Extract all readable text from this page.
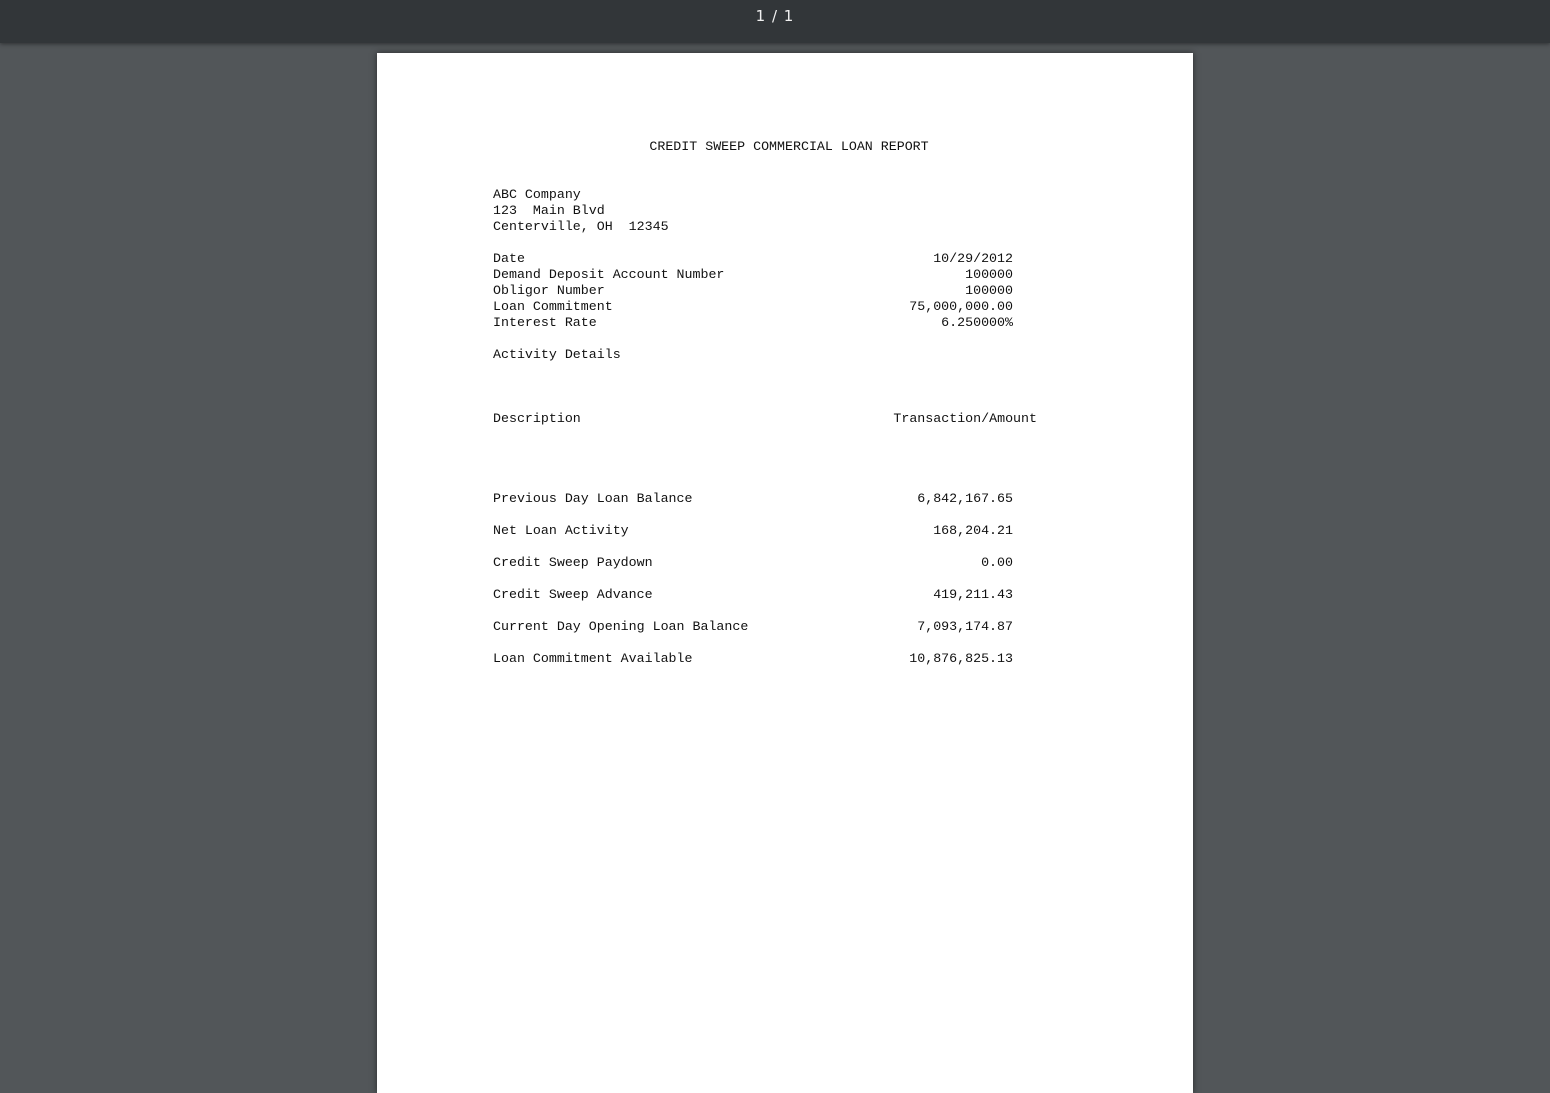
1 / 1
CREDIT SWEEP COMMERCIAL LOAN REPORT
ABC Company
123  Main Blvd
Centerville, OH  12345
Date	10/29/2012
Demand Deposit Account Number	100000
Obligor Number	100000
Loan Commitment	75,000,000.00
Interest Rate	6.250000%
Activity Details
Description	Transaction/Amount
Previous Day Loan Balance	6,842,167.65
Net Loan Activity	168,204.21
Credit Sweep Paydown	0.00
Credit Sweep Advance	419,211.43
Current Day Opening Loan Balance	7,093,174.87
Loan Commitment Available	10,876,825.13
